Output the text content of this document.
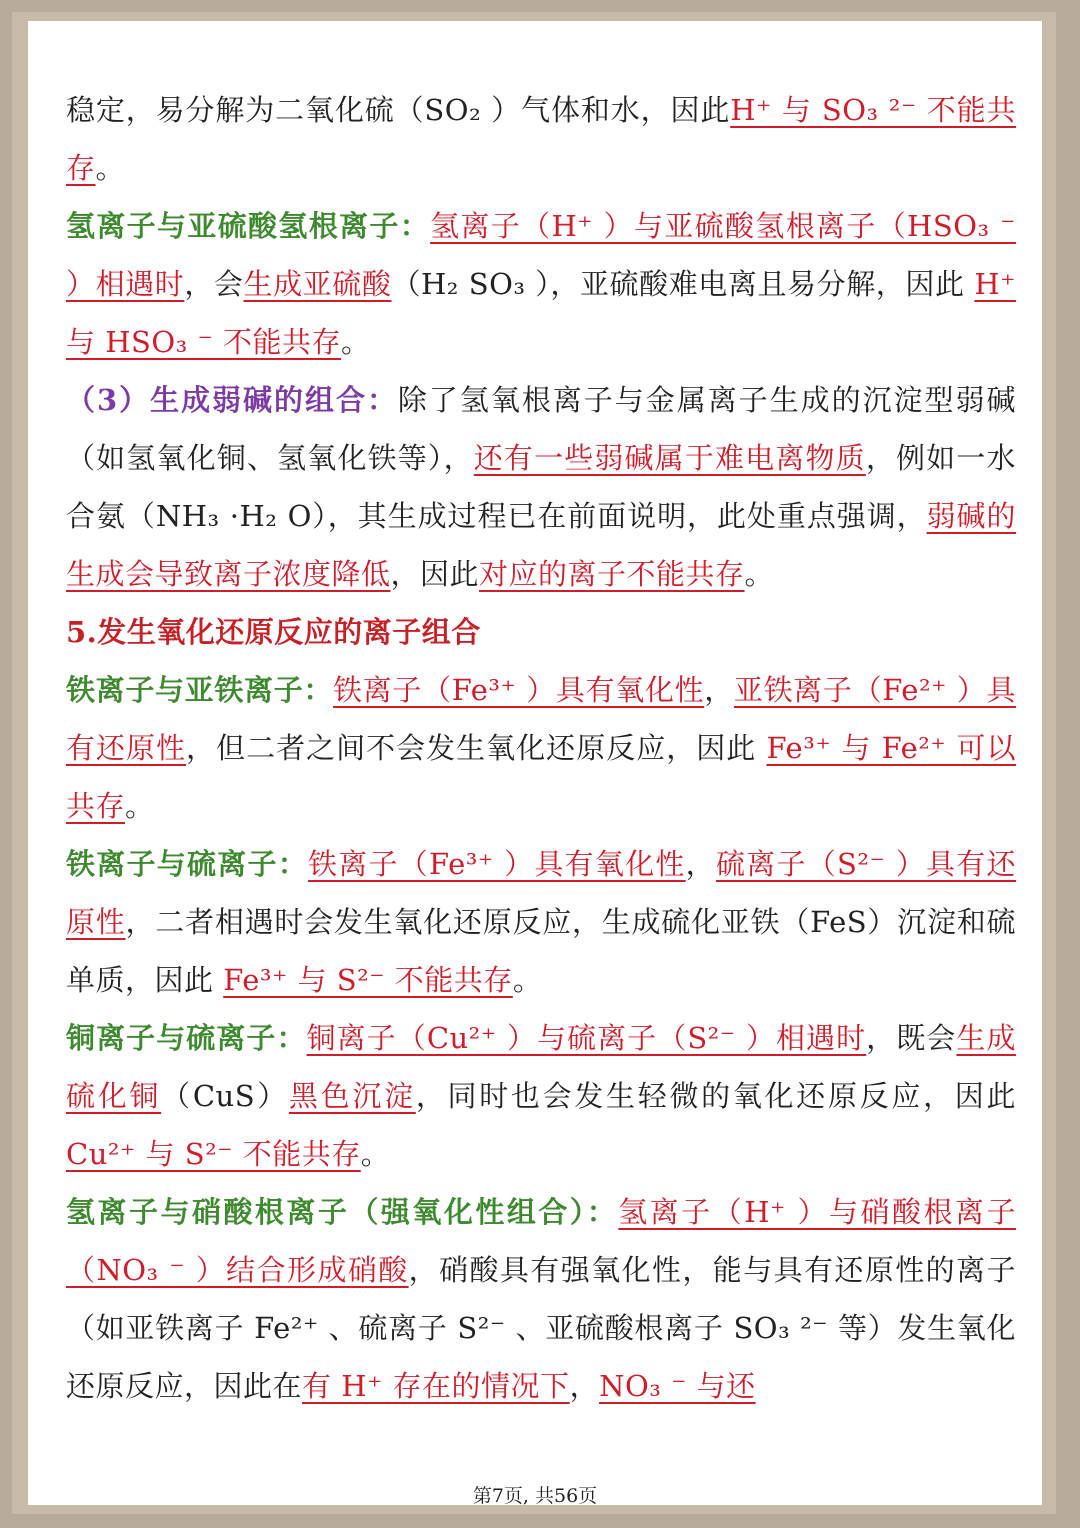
稳定，易分解为二氧化硫（SO₂ ）气体和水，因此H⁺ 与 SO₃ ²⁻ 不能共存。

氢离子与亚硫酸氢根离子：氢离子（H⁺ ）与亚硫酸氢根离子（HSO₃ ⁻ ）相遇时，会生成亚硫酸（H₂ SO₃ ），亚硫酸难电离且易分解，因此 H⁺ 与 HSO₃ ⁻ 不能共存。

（3）生成弱碱的组合：除了氢氧根离子与金属离子生成的沉淀型弱碱（如氢氧化铜、氢氧化铁等），还有一些弱碱属于难电离物质，例如一水合氨（NH₃ ·H₂ O），其生成过程已在前面说明，此处重点强调，弱碱的生成会导致离子浓度降低，因此对应的离子不能共存。

5.发生氧化还原反应的离子组合

铁离子与亚铁离子：铁离子（Fe³⁺ ）具有氧化性，亚铁离子（Fe²⁺ ）具有还原性，但二者之间不会发生氧化还原反应，因此 Fe³⁺ 与 Fe²⁺ 可以共存。

铁离子与硫离子：铁离子（Fe³⁺ ）具有氧化性，硫离子（S²⁻ ）具有还原性，二者相遇时会发生氧化还原反应，生成硫化亚铁（FeS）沉淀和硫单质，因此 Fe³⁺ 与 S²⁻ 不能共存。

铜离子与硫离子：铜离子（Cu²⁺ ）与硫离子（S²⁻ ）相遇时，既会生成硫化铜（CuS）黑色沉淀，同时也会发生轻微的氧化还原反应，因此 Cu²⁺ 与 S²⁻ 不能共存。

氢离子与硝酸根离子（强氧化性组合）：氢离子（H⁺ ）与硝酸根离子（NO₃ ⁻ ）结合形成硝酸，硝酸具有强氧化性，能与具有还原性的离子（如亚铁离子 Fe²⁺ 、硫离子 S²⁻ 、亚硫酸根离子 SO₃ ²⁻ 等）发生氧化还原反应，因此在有 H⁺ 存在的情况下，NO₃ ⁻ 与还

第7页, 共56页
